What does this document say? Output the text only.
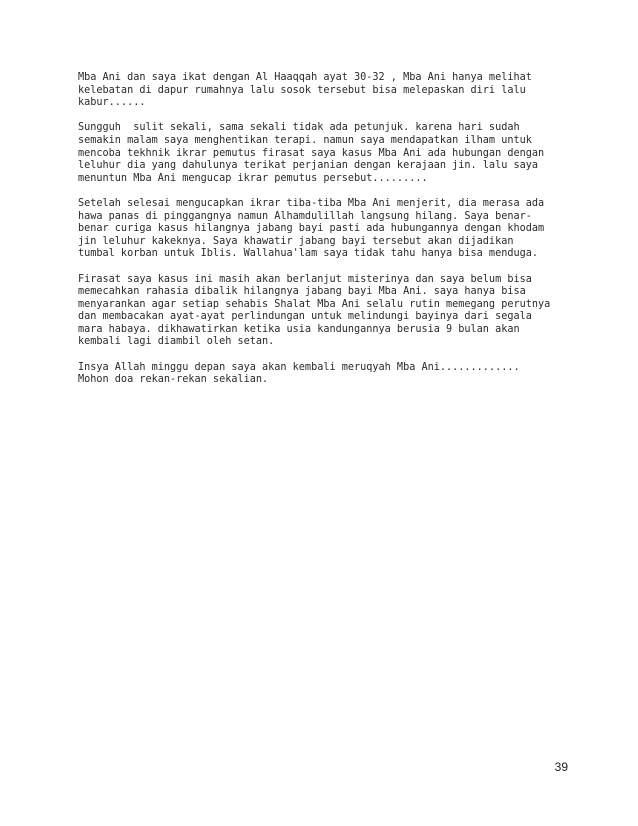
Mba Ani dan saya ikat dengan Al Haaqqah ayat 30-32 , Mba Ani hanya melihat
kelebatan di dapur rumahnya lalu sosok tersebut bisa melepaskan diri lalu
kabur......

Sungguh  sulit sekali, sama sekali tidak ada petunjuk. karena hari sudah
semakin malam saya menghentikan terapi. namun saya mendapatkan ilham untuk
mencoba tekhnik ikrar pemutus firasat saya kasus Mba Ani ada hubungan dengan
leluhur dia yang dahulunya terikat perjanian dengan kerajaan jin. lalu saya
menuntun Mba Ani mengucap ikrar pemutus persebut.........

Setelah selesai mengucapkan ikrar tiba-tiba Mba Ani menjerit, dia merasa ada
hawa panas di pinggangnya namun Alhamdulillah langsung hilang. Saya benar-
benar curiga kasus hilangnya jabang bayi pasti ada hubungannya dengan khodam
jin leluhur kakeknya. Saya khawatir jabang bayi tersebut akan dijadikan
tumbal korban untuk Iblis. Wallahua'lam saya tidak tahu hanya bisa menduga.

Firasat saya kasus ini masih akan berlanjut misterinya dan saya belum bisa
memecahkan rahasia dibalik hilangnya jabang bayi Mba Ani. saya hanya bisa
menyarankan agar setiap sehabis Shalat Mba Ani selalu rutin memegang perutnya
dan membacakan ayat-ayat perlindungan untuk melindungi bayinya dari segala
mara habaya. dikhawatirkan ketika usia kandungannya berusia 9 bulan akan
kembali lagi diambil oleh setan.

Insya Allah minggu depan saya akan kembali meruqyah Mba Ani.............
Mohon doa rekan-rekan sekalian.

39
